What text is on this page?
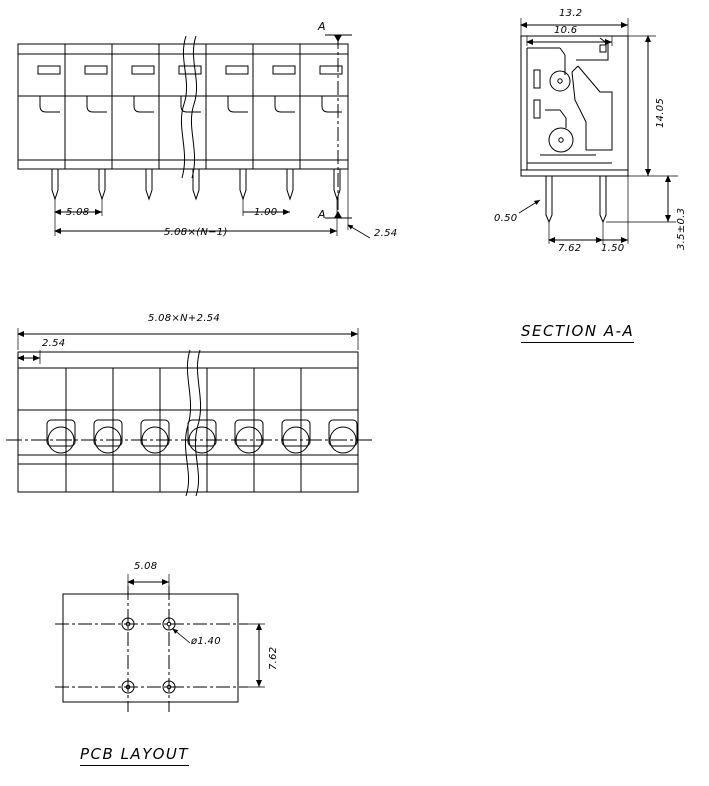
A
A
5.08	1.00
5.08×(N−1)	2.54
13.2
10.6
14.05
0.50
7.62 1.50	3.5±0.3
SECTION A-A
5.08×N+2.54
2.54
5.08
ø1.40
7.62
PCB LAYOUT
